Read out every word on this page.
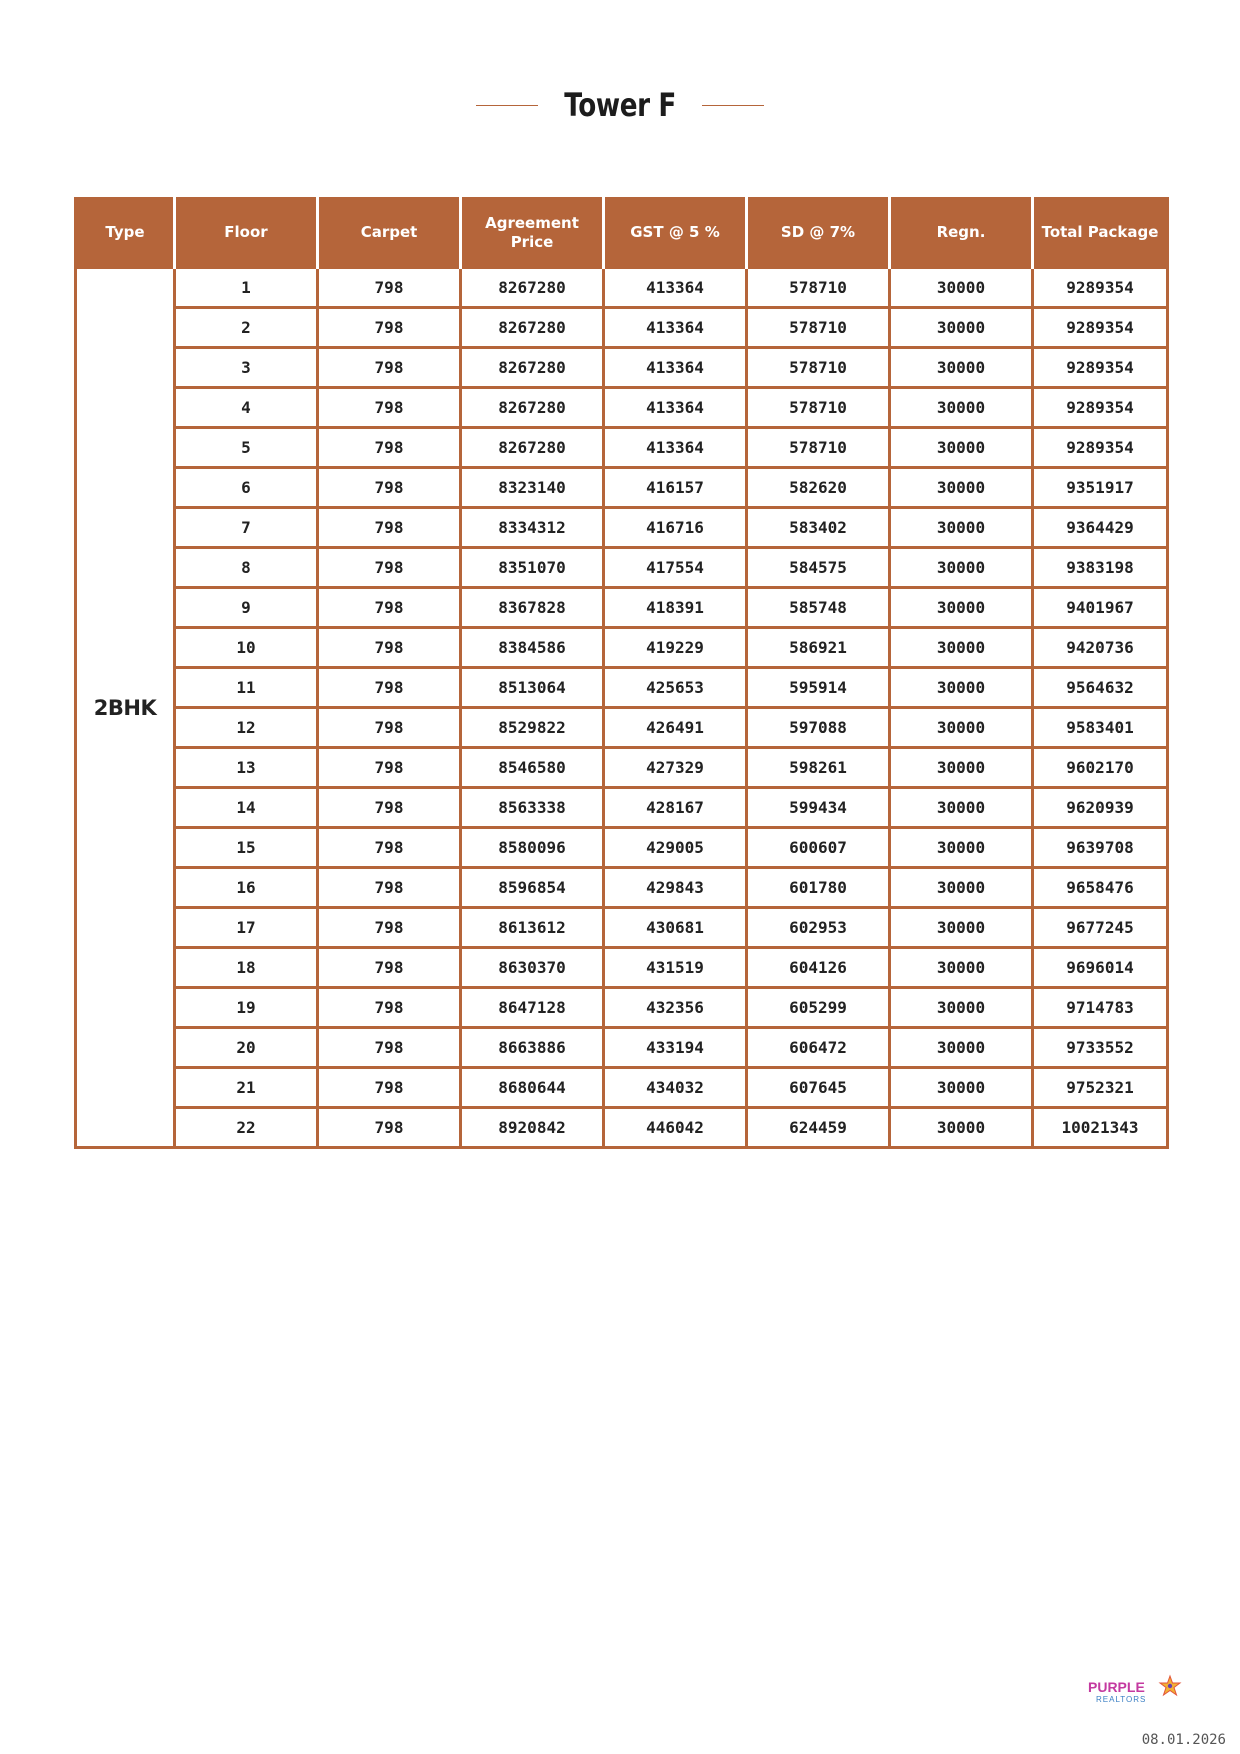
Tower F
Type	Floor	Carpet	Agreement Price	GST @ 5 %	SD @ 7%	Regn.	Total Package
2BHK	1	798	8267280	413364	578710	30000	9289354
	2	798	8267280	413364	578710	30000	9289354
	3	798	8267280	413364	578710	30000	9289354
	4	798	8267280	413364	578710	30000	9289354
	5	798	8267280	413364	578710	30000	9289354
	6	798	8323140	416157	582620	30000	9351917
	7	798	8334312	416716	583402	30000	9364429
	8	798	8351070	417554	584575	30000	9383198
	9	798	8367828	418391	585748	30000	9401967
	10	798	8384586	419229	586921	30000	9420736
	11	798	8513064	425653	595914	30000	9564632
	12	798	8529822	426491	597088	30000	9583401
	13	798	8546580	427329	598261	30000	9602170
	14	798	8563338	428167	599434	30000	9620939
	15	798	8580096	429005	600607	30000	9639708
	16	798	8596854	429843	601780	30000	9658476
	17	798	8613612	430681	602953	30000	9677245
	18	798	8630370	431519	604126	30000	9696014
	19	798	8647128	432356	605299	30000	9714783
	20	798	8663886	433194	606472	30000	9733552
	21	798	8680644	434032	607645	30000	9752321
	22	798	8920842	446042	624459	30000	10021343
PURPLE
REALTORS
08.01.2026
